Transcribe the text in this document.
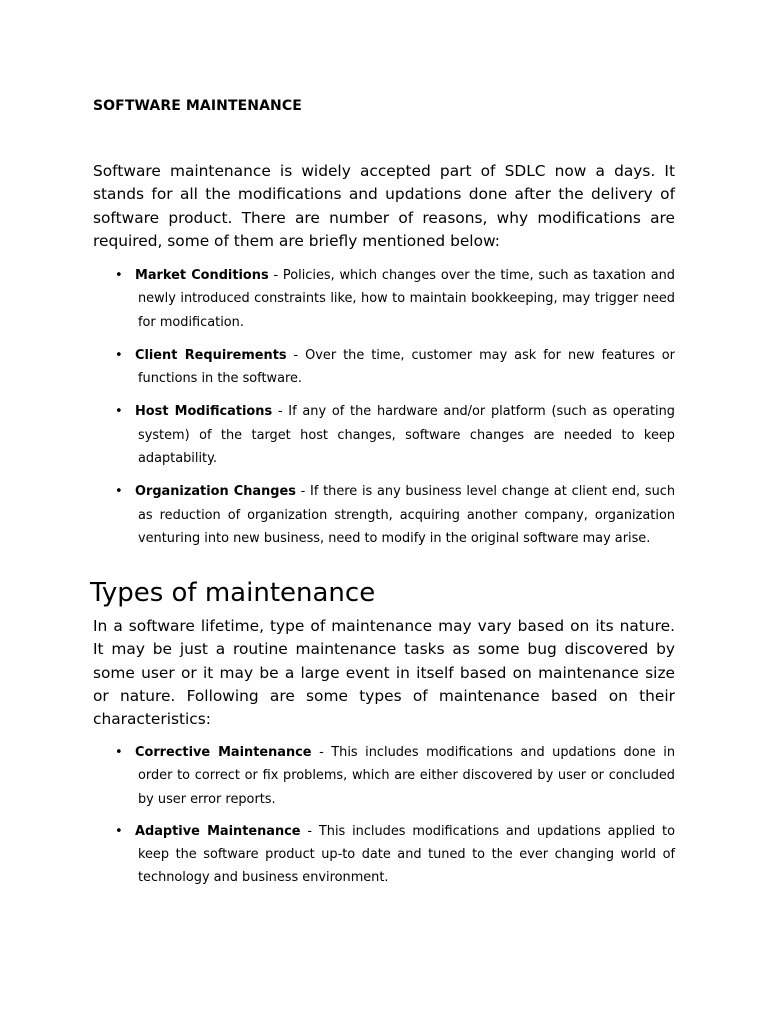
SOFTWARE MAINTENANCE

Software maintenance is widely accepted part of SDLC now a days. It stands for all the modifications and updations done after the delivery of software product. There are number of reasons, why modifications are required, some of them are briefly mentioned below:

• Market Conditions - Policies, which changes over the time, such as taxation and newly introduced constraints like, how to maintain bookkeeping, may trigger need for modification.
• Client Requirements - Over the time, customer may ask for new features or functions in the software.
• Host Modifications - If any of the hardware and/or platform (such as operating system) of the target host changes, software changes are needed to keep adaptability.
• Organization Changes - If there is any business level change at client end, such as reduction of organization strength, acquiring another company, organization venturing into new business, need to modify in the original software may arise.
Types of maintenance

In a software lifetime, type of maintenance may vary based on its nature. It may be just a routine maintenance tasks as some bug discovered by some user or it may be a large event in itself based on maintenance size or nature. Following are some types of maintenance based on their characteristics:

• Corrective Maintenance - This includes modifications and updations done in order to correct or fix problems, which are either discovered by user or concluded by user error reports.
• Adaptive Maintenance - This includes modifications and updations applied to keep the software product up-to date and tuned to the ever changing world of technology and business environment.
